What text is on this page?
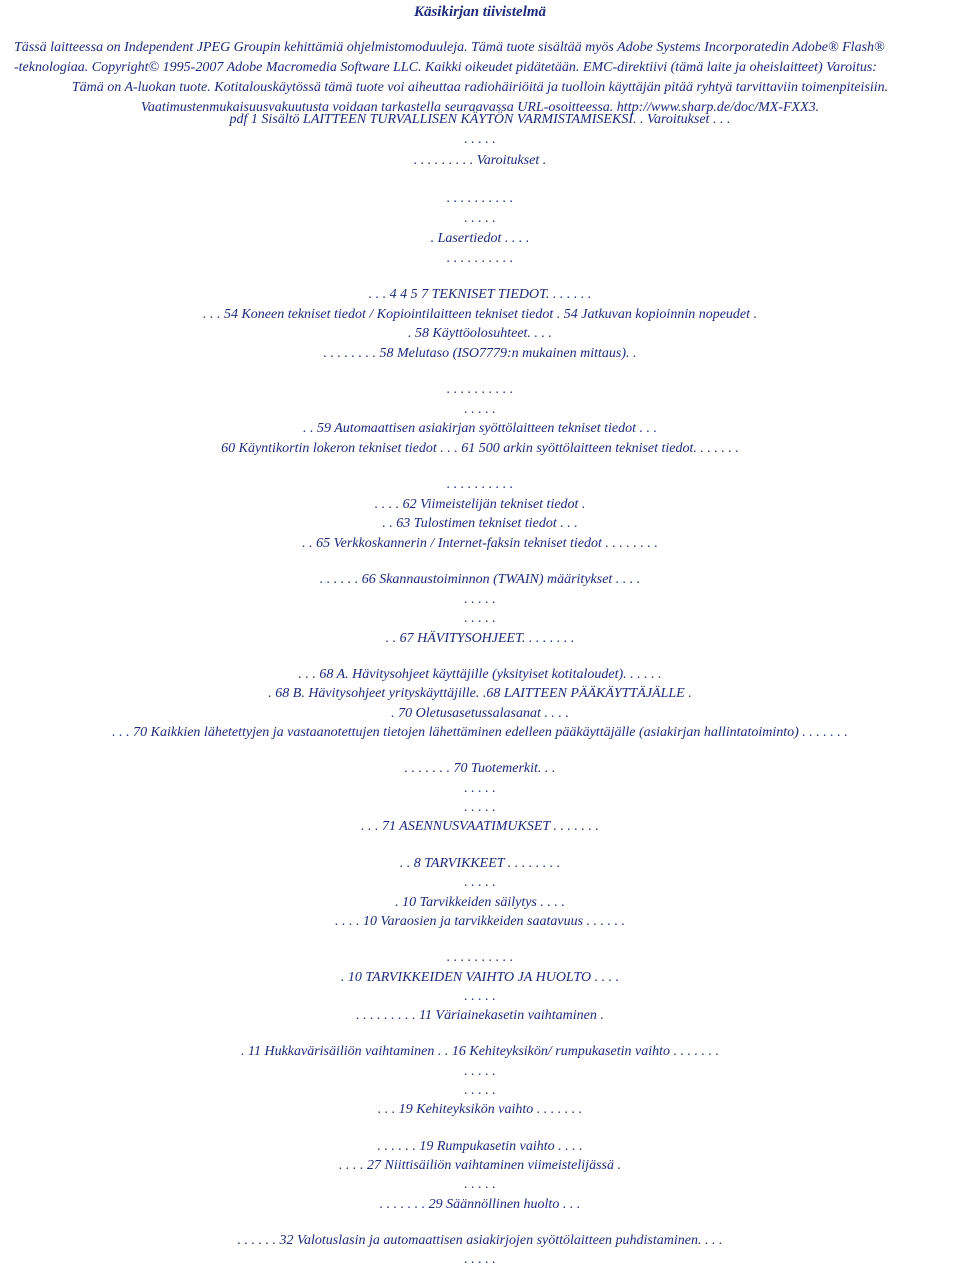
Käsikirjan tiivistelmä
Tässä laitteessa on Independent JPEG Groupin kehittämiä ohjelmistomoduuleja. Tämä tuote sisältää myös Adobe Systems Incorporatedin Adobe® Flash®
-teknologiaa. Copyright© 1995-2007 Adobe Macromedia Software LLC. Kaikki oikeudet pidätetään. EMC-direktiivi (tämä laite ja oheislaitteet) Varoitus:
Tämä on A-luokan tuote. Kotitalouskäytössä tämä tuote voi aiheuttaa radiohäiriöitä ja tuolloin käyttäjän pitää ryhtyä tarvittaviin toimenpiteisiin.
Vaatimustenmukaisuusvakuutusta voidaan tarkastella seuraavassa URL-osoitteessa. http://www.sharp.de/doc/MX-FXX3.
pdf 1 Sisältö LAITTEEN TURVALLISEN KÄYTÖN VARMISTAMISEKSI. . Varoitukset . . .
. . . . .
. . . . . . . . . Varoitukset .
. . . . . . . . . .
. . . . .
. Lasertiedot . . . .
. . . . . . . . . .
. . . 4 4 5 7 TEKNISET TIEDOT. . . . . . .
. . . 54 Koneen tekniset tiedot / Kopiointilaitteen tekniset tiedot . 54 Jatkuvan kopioinnin nopeudet .
. 58 Käyttöolosuhteet. . . .
. . . . . . . . 58 Melutaso (ISO7779:n mukainen mittaus). .
. . . . . . . . . .
. . . . .
. . 59 Automaattisen asiakirjan syöttölaitteen tekniset tiedot . . .
60 Käyntikortin lokeron tekniset tiedot . . . 61 500 arkin syöttölaitteen tekniset tiedot. . . . . . .
. . . . . . . . . .
. . . . 62 Viimeistelijän tekniset tiedot .
. . 63 Tulostimen tekniset tiedot . . .
. . 65 Verkkoskannerin / Internet-faksin tekniset tiedot . . . . . . . .
. . . . . . 66 Skannaustoiminnon (TWAIN) määritykset . . . .
. . . . .
. . . . .
. . 67 HÄVITYSOHJEET. . . . . . . .
. . . 68 A. Hävitysohjeet käyttäjille (yksityiset kotitaloudet). . . . . .
. 68 B. Hävitysohjeet yrityskäyttäjille. .68 LAITTEEN PÄÄKÄYTTÄJÄLLE .
. 70 Oletusasetussalasanat . . . .
. . . 70 Kaikkien lähetettyjen ja vastaanotettujen tietojen lähettäminen edelleen pääkäyttäjälle (asiakirjan hallintatoiminto) . . . . . . .
. . . . . . . 70 Tuotemerkit. . .
. . . . .
. . . . .
. . . 71 ASENNUSVAATIMUKSET . . . . . . .
. . 8 TARVIKKEET . . . . . . . .
. . . . .
. 10 Tarvikkeiden säilytys . . . .
. . . . 10 Varaosien ja tarvikkeiden saatavuus . . . . . .
. . . . . . . . . .
. 10 TARVIKKEIDEN VAIHTO JA HUOLTO . . . .
. . . . .
. . . . . . . . . 11 Väriainekasetin vaihtaminen .
. 11 Hukkavärisäiliön vaihtaminen . . 16 Kehiteyksikön/ rumpukasetin vaihto . . . . . . .
. . . . .
. . . . .
. . . 19 Kehiteyksikön vaihto . . . . . . .
. . . . . . 19 Rumpukasetin vaihto . . . .
. . . . 27 Niittisäiliön vaihtaminen viimeistelijässä .
. . . . .
. . . . . . . 29 Säännöllinen huolto . . .
. . . . . . 32 Valotuslasin ja automaattisen asiakirjojen syöttölaitteen puhdistaminen. . . .
. . . . .
